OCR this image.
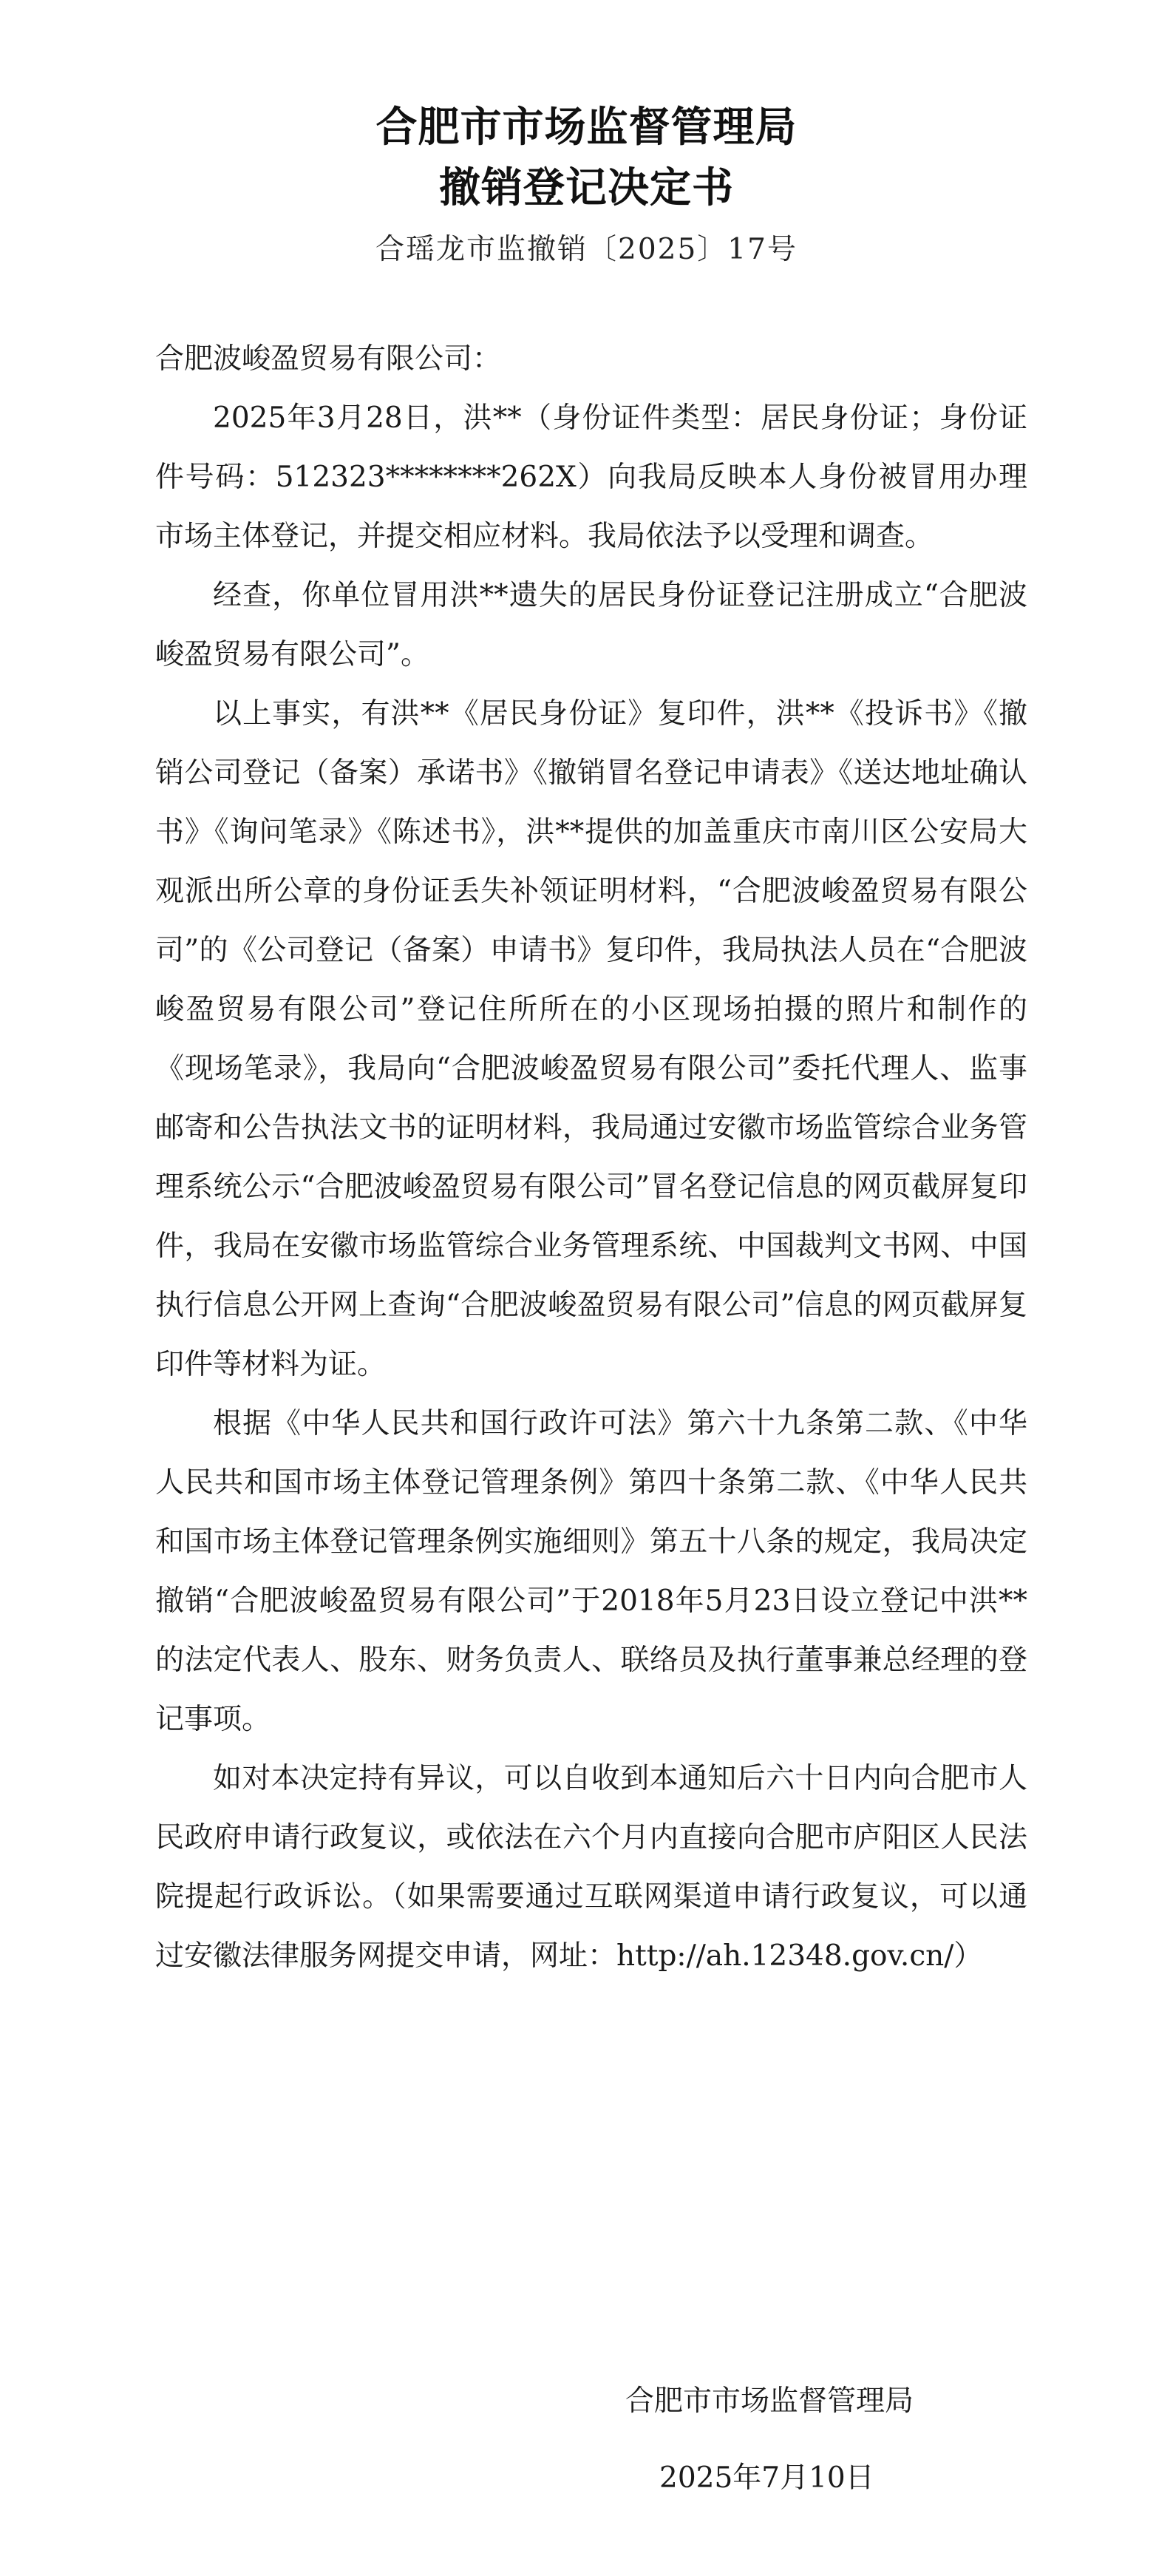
合肥市市场监督管理局
撤销登记决定书
合瑶龙市监撤销〔2025〕17号

合肥波峻盈贸易有限公司：

2025年3月28日，洪**（身份证件类型：居民身份证；身份证件号码：512323********262X）向我局反映本人身份被冒用办理市场主体登记，并提交相应材料。我局依法予以受理和调查。

经查，你单位冒用洪**遗失的居民身份证登记注册成立“合肥波峻盈贸易有限公司”。

以上事实，有洪**《居民身份证》复印件，洪**《投诉书》《撤销公司登记（备案）承诺书》《撤销冒名登记申请表》《送达地址确认书》《询问笔录》《陈述书》，洪**提供的加盖重庆市南川区公安局大观派出所公章的身份证丢失补领证明材料，“合肥波峻盈贸易有限公司”的《公司登记（备案）申请书》复印件，我局执法人员在“合肥波峻盈贸易有限公司”登记住所所在的小区现场拍摄的照片和制作的《现场笔录》，我局向“合肥波峻盈贸易有限公司”委托代理人、监事邮寄和公告执法文书的证明材料，我局通过安徽市场监管综合业务管理系统公示“合肥波峻盈贸易有限公司”冒名登记信息的网页截屏复印件，我局在安徽市场监管综合业务管理系统、中国裁判文书网、中国执行信息公开网上查询“合肥波峻盈贸易有限公司”信息的网页截屏复印件等材料为证。

根据《中华人民共和国行政许可法》第六十九条第二款、《中华人民共和国市场主体登记管理条例》第四十条第二款、《中华人民共和国市场主体登记管理条例实施细则》第五十八条的规定，我局决定撤销“合肥波峻盈贸易有限公司”于2018年5月23日设立登记中洪**的法定代表人、股东、财务负责人、联络员及执行董事兼总经理的登记事项。

如对本决定持有异议，可以自收到本通知后六十日内向合肥市人民政府申请行政复议，或依法在六个月内直接向合肥市庐阳区人民法院提起行政诉讼。（如果需要通过互联网渠道申请行政复议，可以通过安徽法律服务网提交申请，网址：http://ah.12348.gov.cn/）

合肥市市场监督管理局
2025年7月10日
